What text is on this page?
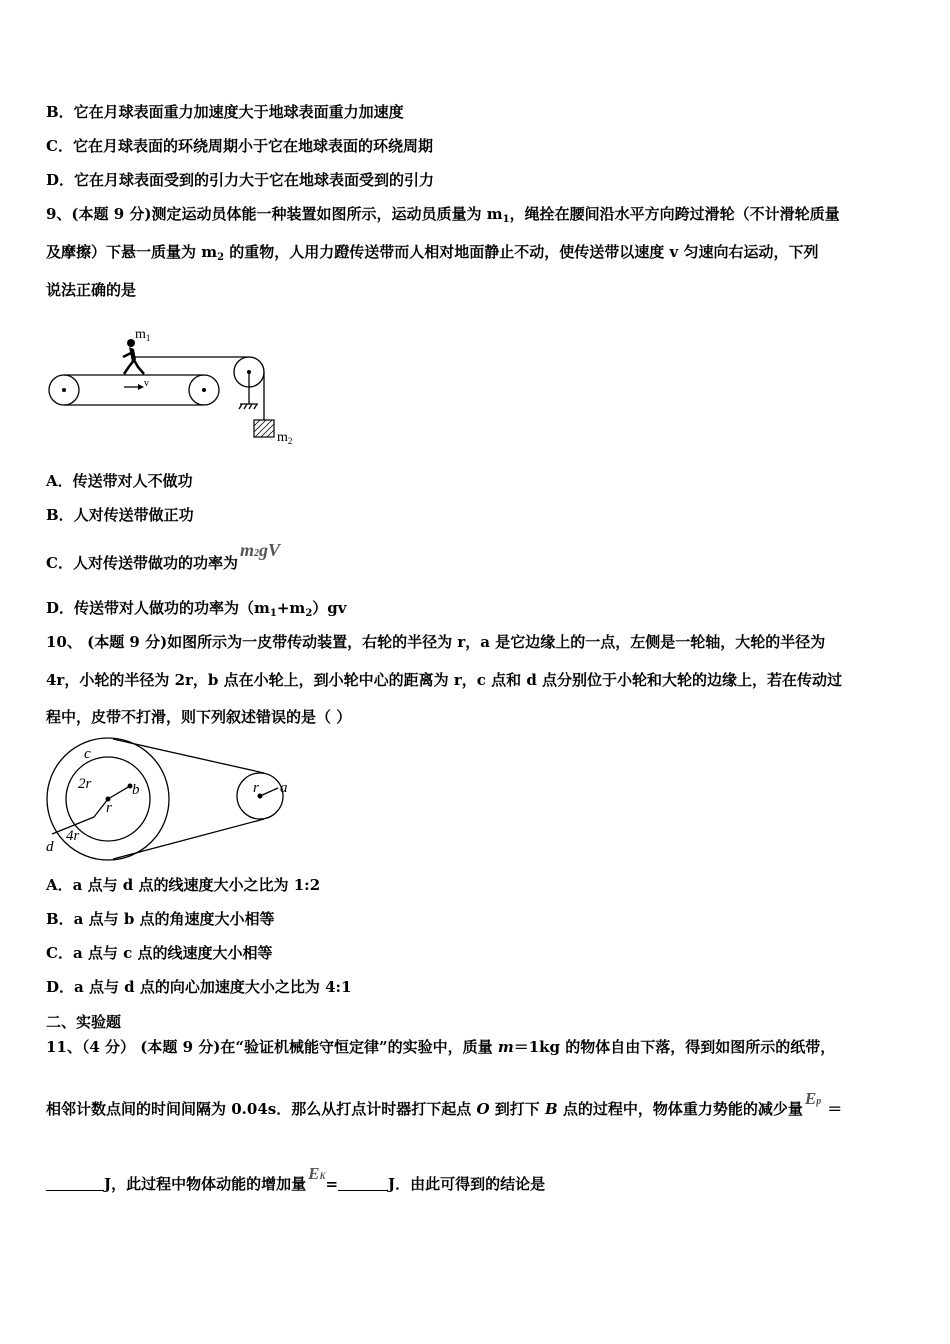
B．它在月球表面重力加速度大于地球表面重力加速度
C．它在月球表面的环绕周期小于它在地球表面的环绕周期
D．它在月球表面受到的引力大于它在地球表面受到的引力
9、(本题 9 分)测定运动员体能一种装置如图所示，运动员质量为 $m_1$，绳拴在腰间沿水平方向跨过滑轮（不计滑轮质量
及摩擦）下悬一质量为 $m_2$ 的重物，人用力蹬传送带而人相对地面静止不动，使传送带以速度 v 匀速向右运动，下列
说法正确的是
$m_1$
v
$m_2$
A．传送带对人不做功
B．人对传送带做正功
C．人对传送带做功的功率为m2gV
D．传送带对人做功的功率为$(m_1+m_2)gv$
10、 (本题 9 分)如图所示为一皮带传动装置，右轮的半径为 r，a 是它边缘上的一点，左侧是一轮轴，大轮的半径为
4r，小轮的半径为 2r，b 点在小轮上，到小轮中心的距离为 r，c 点和 d 点分别位于小轮和大轮的边缘上，若在传动过
程中，皮带不打滑，则下列叙述错误的是（ ）
c
2r
r
b
4r
d
r a
A．a 点与 d 点的线速度大小之比为 1:2
B．a 点与 b 点的角速度大小相等
C．a 点与 c 点的线速度大小相等
D．a 点与 d 点的向心加速度大小之比为 4:1
二、实验题
11、（4 分） (本题 9 分)在“验证机械能守恒定律”的实验中，质量 m＝1kg 的物体自由下落，得到如图所示的纸带，
相邻计数点间的时间间隔为 0.04s．那么从打点计时器打下起点 O 到打下 B 点的过程中，物体重力势能的减少量Ep ＝
J，此过程中物体动能的增加量EK=	J．由此可得到的结论是
